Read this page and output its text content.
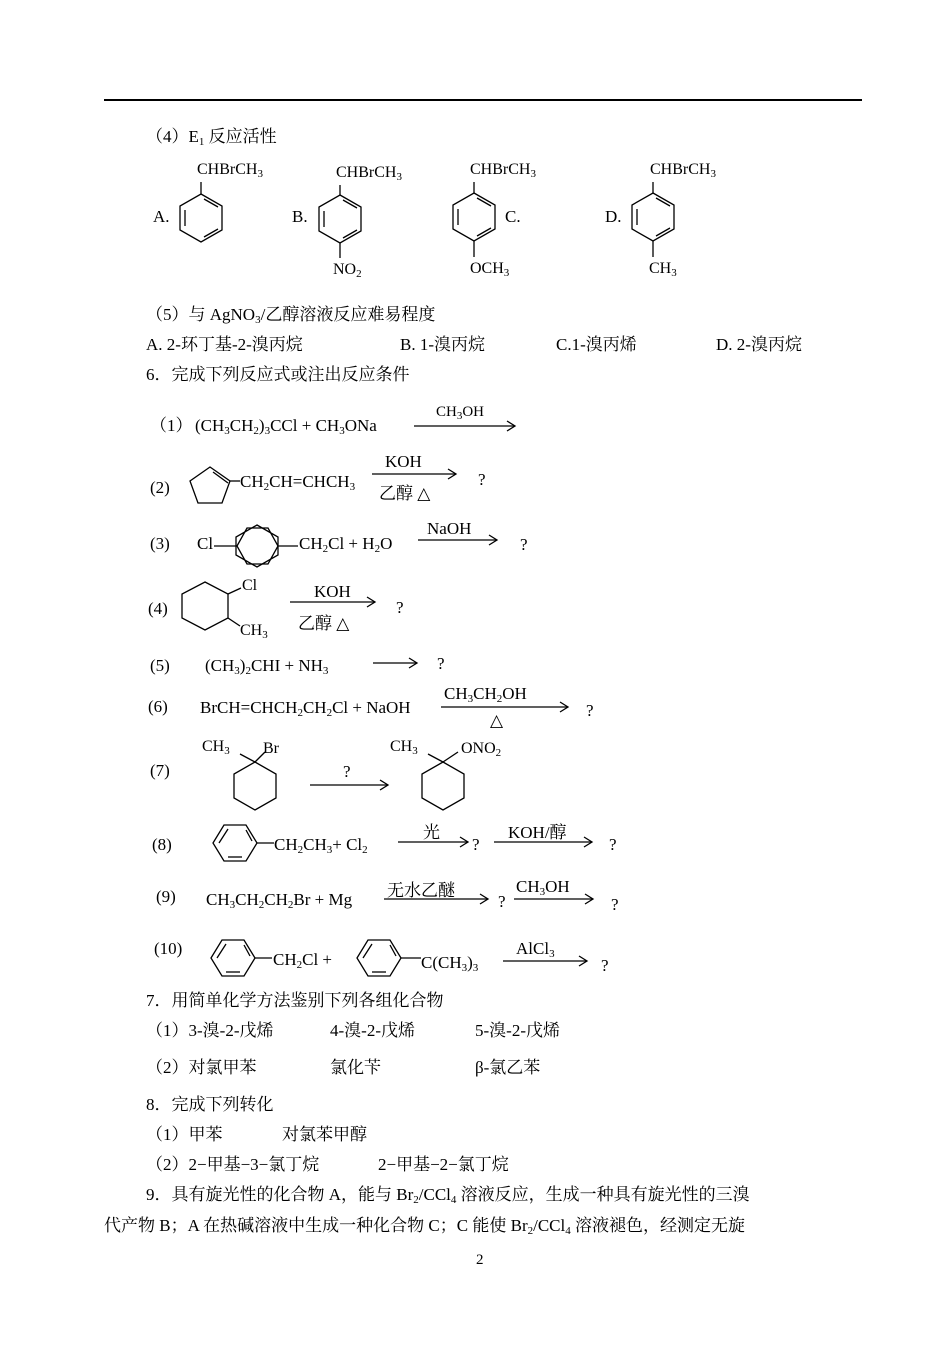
$(4)E_1$ 反应活性
CHBrCH$_3$
A.
CHBrCH$_3$
B.
$NO_2$
CHBrCH$_3$
C.
$OCH_3$
CHBrCH$_3$
D.
$CH_3$
（5）与 AgNO$_3$/乙醇溶液反应难易程度
A. 2-环丁基-2-溴丙烷	B. 1-溴丙烷	C.1-溴丙烯	D. 2-溴丙烷
6．完成下列反应式或注出反应条件
（1） $(CH_3CH_2)_3CCl + CH_3ONa$
$CH_3OH$
(2)	$CH_2CH=CHCH_3$
KOH
乙醇 △
?
(3) Cl	$CH_2Cl + H_2O$
NaOH
?
(4)
Cl
$CH_3$
KOH
乙醇 △
?
(5) $(CH_3)_2CHI + NH_3$	?
(6) $BrCH=CHCH_2CH_2Cl$ + NaOH
$CH_3CH_2OH$
△
?
(7)
$CH_3$ Br
?
$CH_3$	$ONO_2$
(8)	$CH_2CH_3+ Cl_2$
光
?
KOH/醇
?
(9) $CH_3CH_2CH_2Br + Mg$ 无水乙醚
?
$CH_3OH$
?
(10)
$CH_2Cl$ +	$C(CH_3)_3$
AlCl$_3$
?
7．用简单化学方法鉴别下列各组化合物
（1）3-溴-2-戊烯	4-溴-2-戊烯	5-溴-2-戊烯
（2）对氯甲苯	氯化苄	β-氯乙苯
8．完成下列转化
（1）甲苯	对氯苯甲醇
（2）2−甲基−3−氯丁烷	2−甲基−2−氯丁烷
9．具有旋光性的化合物 A，能与 $Br_2/CCl_4$ 溶液反应，生成一种具有旋光性的三溴
代产物 B；A 在热碱溶液中生成一种化合物 C；C 能使 $Br_2/CCl_4$ 溶液褪色，经测定无旋
2
